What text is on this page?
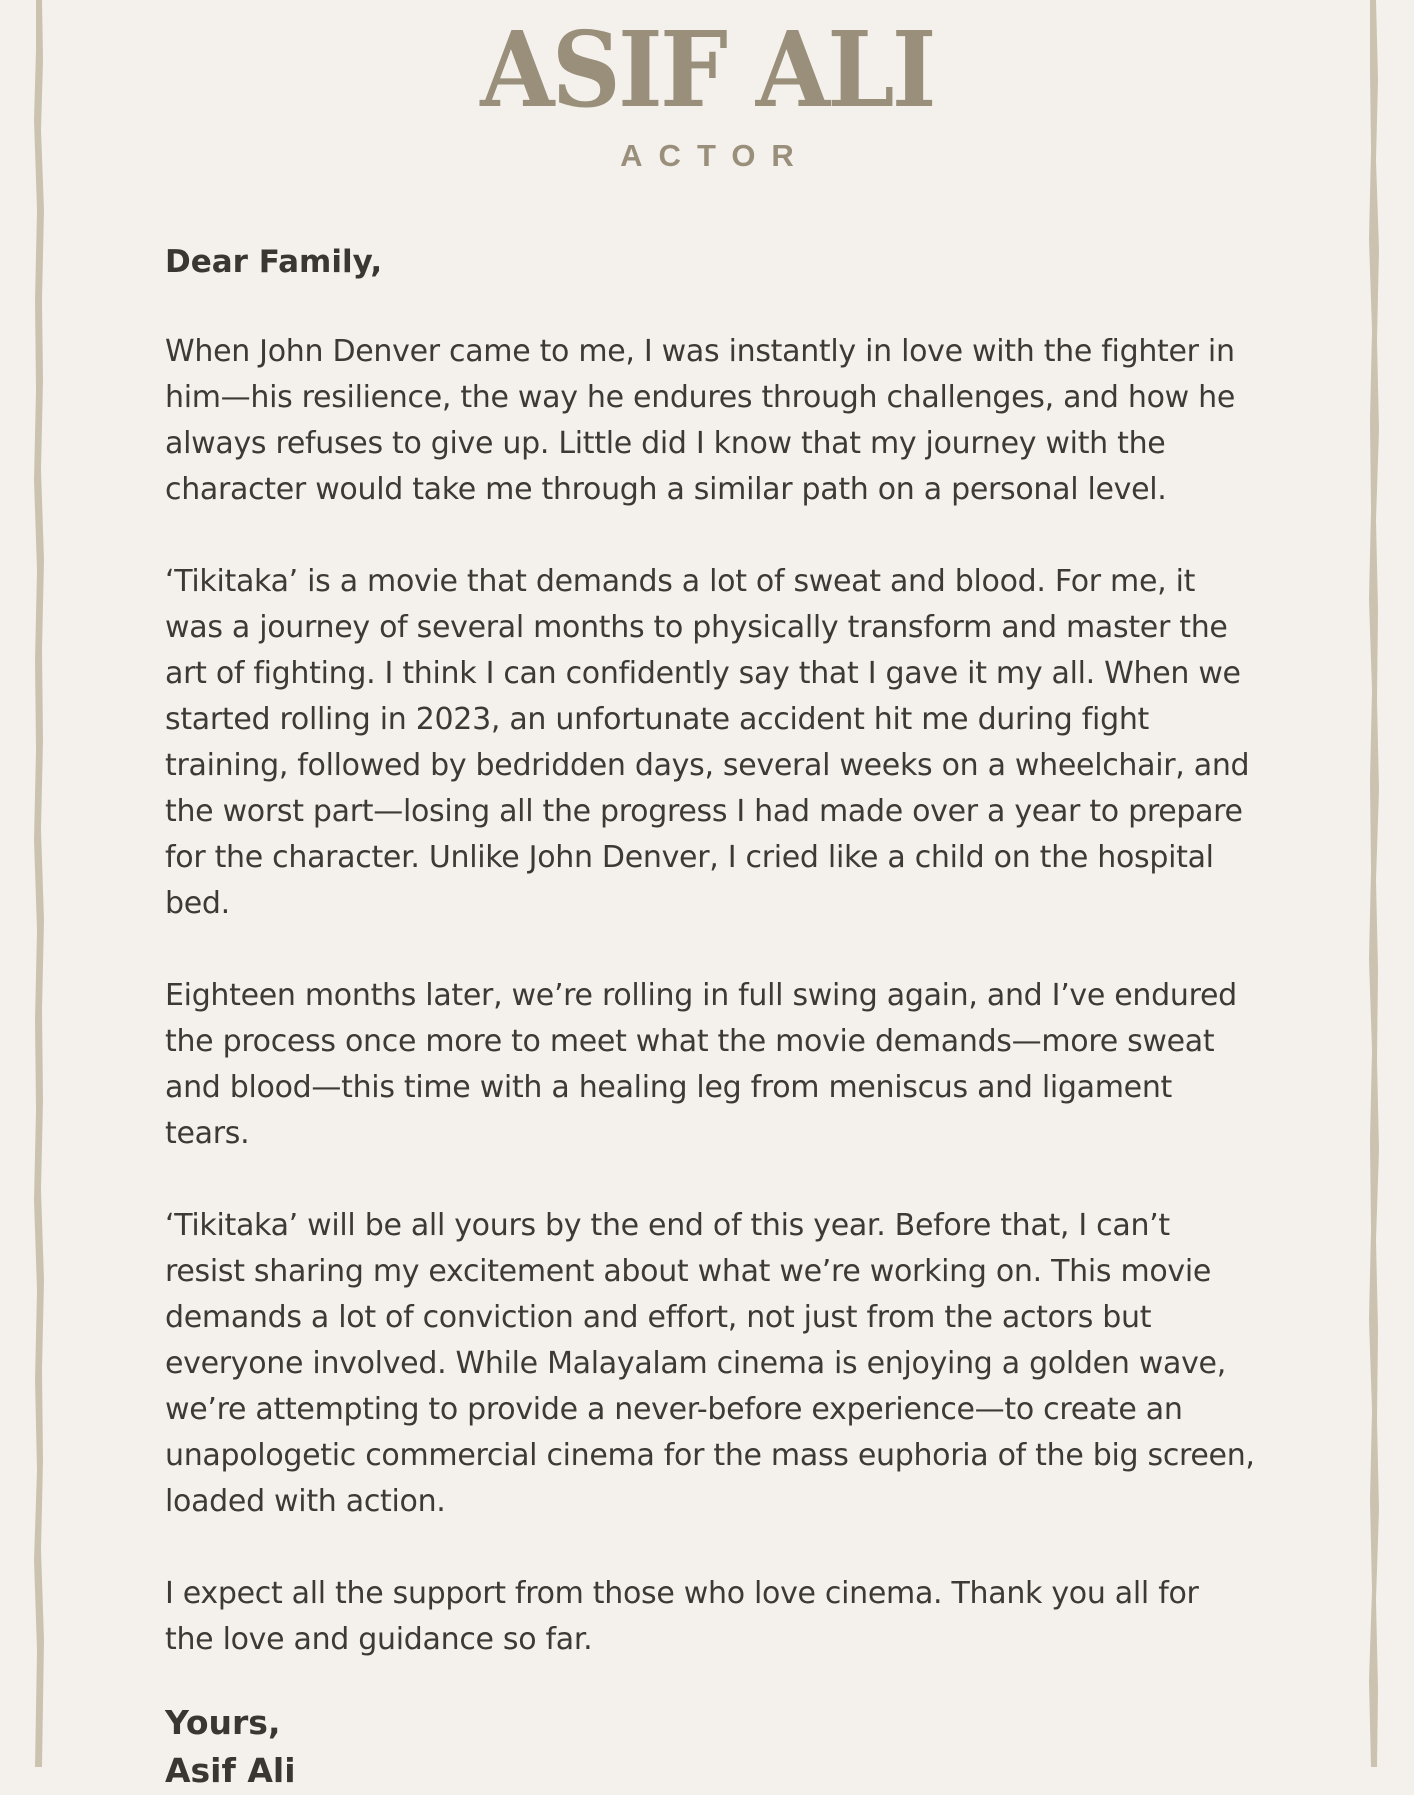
ASIF ALI
ACTOR

Dear Family,

When John Denver came to me, I was instantly in love with the fighter in him—his resilience, the way he endures through challenges, and how he always refuses to give up. Little did I know that my journey with the character would take me through a similar path on a personal level.

‘Tikitaka’ is a movie that demands a lot of sweat and blood. For me, it was a journey of several months to physically transform and master the art of fighting. I think I can confidently say that I gave it my all. When we started rolling in 2023, an unfortunate accident hit me during fight training, followed by bedridden days, several weeks on a wheelchair, and the worst part—losing all the progress I had made over a year to prepare for the character. Unlike John Denver, I cried like a child on the hospital bed.

Eighteen months later, we’re rolling in full swing again, and I’ve endured the process once more to meet what the movie demands—more sweat and blood—this time with a healing leg from meniscus and ligament tears.

‘Tikitaka’ will be all yours by the end of this year. Before that, I can’t resist sharing my excitement about what we’re working on. This movie demands a lot of conviction and effort, not just from the actors but everyone involved. While Malayalam cinema is enjoying a golden wave, we’re attempting to provide a never-before experience—to create an unapologetic commercial cinema for the mass euphoria of the big screen, loaded with action.

I expect all the support from those who love cinema. Thank you all for the love and guidance so far.

Yours,

Asif Ali
